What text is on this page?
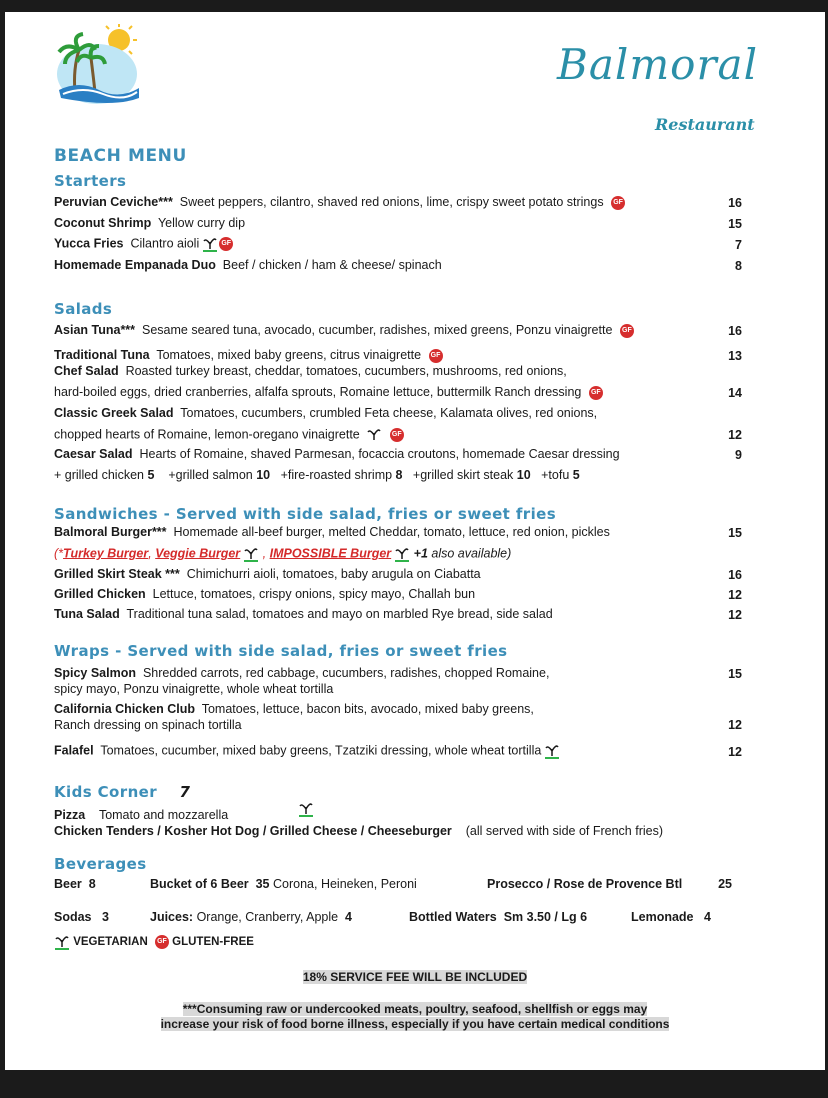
Balmoral
Restaurant
BEACH MENU
Starters
Peruvian Ceviche*** Sweet peppers, cilantro, shaved red onions, lime, crispy sweet potato strings GF	16
Coconut Shrimp Yellow curry dip	15
Yucca Fries Cilantro aioli	GF	7
Homemade Empanada Duo Beef / chicken / ham & cheese/ spinach	8
Salads
Asian Tuna*** Sesame seared tuna, avocado, cucumber, radishes, mixed greens, Ponzu vinaigrette GF	16
Traditional Tuna Tomatoes, mixed baby greens, citrus vinaigrette GF	13
Chef Salad Roasted turkey breast, cheddar, tomatoes, cucumbers, mushrooms, red onions,
hard-boiled eggs, dried cranberries, alfalfa sprouts, Romaine lettuce, buttermilk Ranch dressing GF	14
Classic Greek Salad Tomatoes, cucumbers, crumbled Feta cheese, Kalamata olives, red onions,
chopped hearts of Romaine, lemon-oregano vinaigrette	GF	12
Caesar Salad Hearts of Romaine, shaved Parmesan, focaccia croutons, homemade Caesar dressing	9
+ grilled chicken 5 +grilled salmon 10 +fire-roasted shrimp 8 +grilled skirt steak 10 +tofu 5
Sandwiches - Served with side salad, fries or sweet fries
Balmoral Burger*** Homemade all-beef burger, melted Cheddar, tomato, lettuce, red onion, pickles	15
(*Turkey Burger, Veggie Burger , IMPOSSIBLE Burger +1 also available)
Grilled Skirt Steak *** Chimichurri aioli, tomatoes, baby arugula on Ciabatta	16
Grilled Chicken Lettuce, tomatoes, crispy onions, spicy mayo, Challah bun	12
Tuna Salad Traditional tuna salad, tomatoes and mayo on marbled Rye bread, side salad	12
Wraps - Served with side salad, fries or sweet fries
Spicy Salmon Shredded carrots, red cabbage, cucumbers, radishes, chopped Romaine,
spicy mayo, Ponzu vinaigrette, whole wheat tortilla
15
California Chicken Club Tomatoes, lettuce, bacon bits, avocado, mixed baby greens,
Ranch dressing on spinach tortilla	12
Falafel Tomatoes, cucumber, mixed baby greens, Tzatziki dressing, whole wheat tortilla	12
Kids Corner 7
Pizza Tomato and mozzarella
Chicken Tenders / Kosher Hot Dog / Grilled Cheese / Cheeseburger (all served with side of French fries)
Beverages
Beer 8	Bucket of 6 Beer 35 Corona, Heineken, Peroni	Prosecco / Rose de Provence Btl	25
Sodas 3	Juices: Orange, Cranberry, Apple 4	Bottled Waters Sm 3.50 / Lg 6	Lemonade 4
VEGETARIAN GF GLUTEN-FREE
18% SERVICE FEE WILL BE INCLUDED
***Consuming raw or undercooked meats, poultry, seafood, shellfish or eggs may
increase your risk of food borne illness, especially if you have certain medical conditions
